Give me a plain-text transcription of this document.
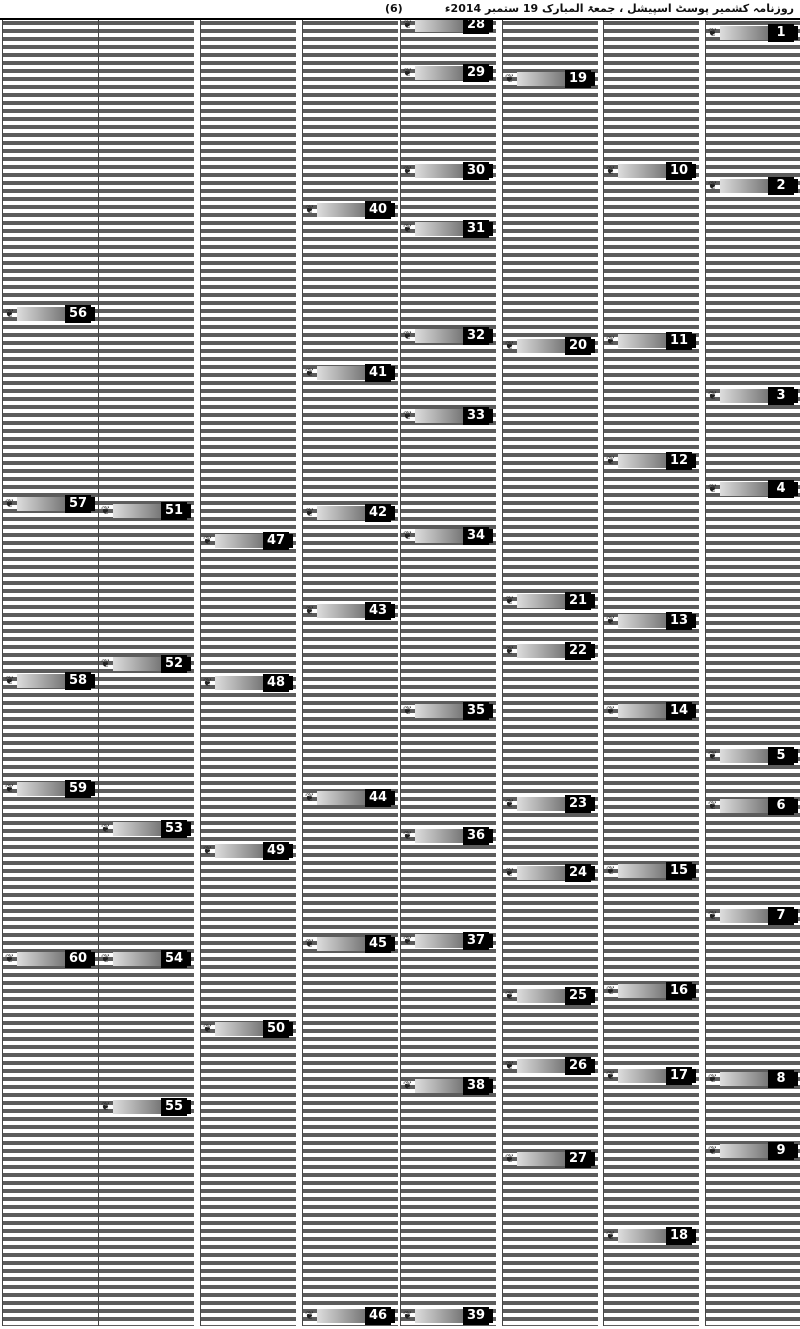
روزنامہ کشمیر پوسٹ اسپیشل ، جمعۃ المبارک 19 ستمبر 2014ء
(6)
❦	1
❦	2
❦	3
❦	4
❦	5
❦	6
❦	7
❦	8
❦	9
❦	10
❦	11
❦	12
❦	13
❦	14
❦	15
❦	16
❦	17
❦	18
❦	19
❦	20
❦	21
❦	22
❦	23
❦	24
❦	25
❦	26
❦	27
❦	28
❦	29
❦	30
❦	31
❦	32
❦	33
❦	34
❦	35
❦	36
❦	37
❦	38
❦	39
❦	40
❦	41
❦	42
❦	43
❦	44
❦	45
❦	46
❦	47
❦	48
❦	49
❦	50
❦	51
❦	52
❦	53
❦	54
❦	55
❦	56
❦	57
❦	58
❦	59
❦	60
